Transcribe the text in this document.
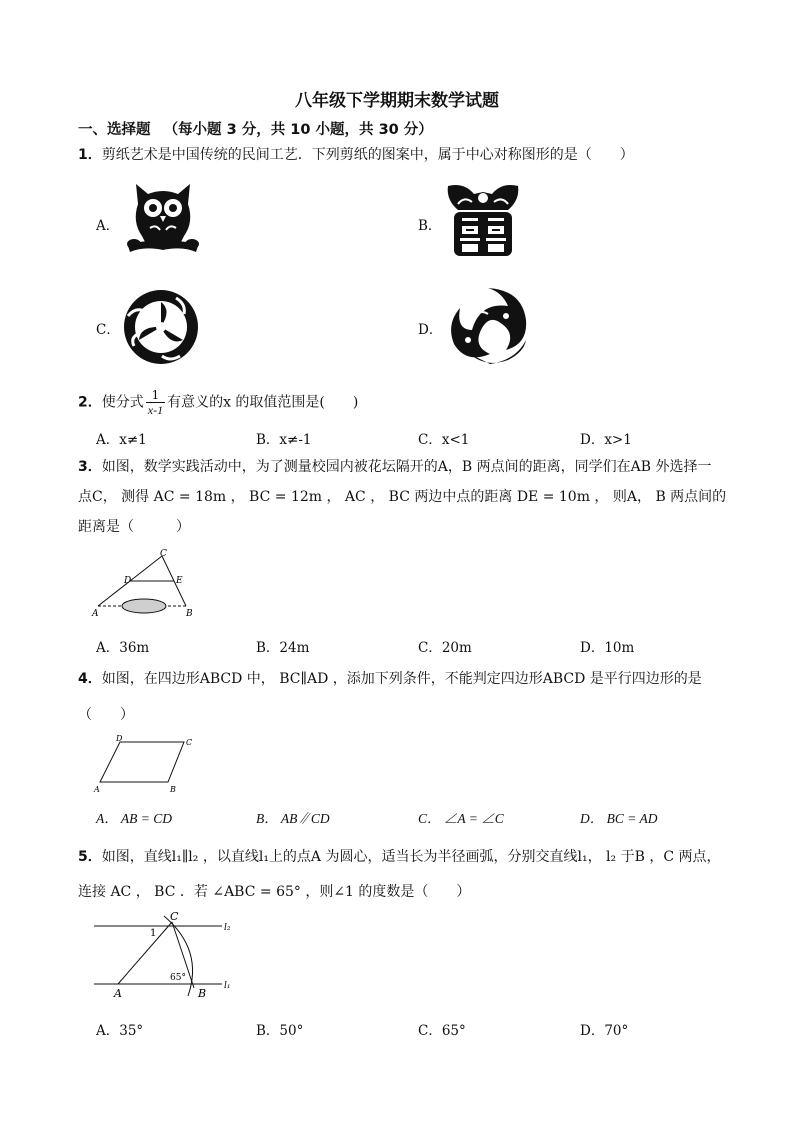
八年级下学期期末数学试题
一、选择题 （每小题 3 分，共 10 小题，共 30 分）
1．剪纸艺术是中国传统的民间工艺．下列剪纸的图案中，属于中心对称图形的是（　　）
A．	B．
C．	D．
2．使分式 $\frac{1}{x-1}$ 有意义的x 的取值范围是(　　)
A．x≠1	B．x≠-1	C．x<1	D．x>1
3．如图，数学实践活动中，为了测量校园内被花坛隔开的A，B 两点间的距离，同学们在AB 外选择一
点C， 测得 AC = 18m ， BC = 12m ， AC ， BC 两边中点的距离 DE = 10m ， 则A， B 两点间的
距离是（　　　）
C
D	E
A	B
A．36m	B．24m	C．20m	D．10m
4．如图，在四边形ABCD 中， BC∥AD ，添加下列条件，不能判定四边形ABCD 是平行四边形的是
（　　）
D	C
A	B
A． AB = CD	B． AB∥CD	C． ∠A = ∠C	D． BC = AD
5．如图，直线l₁∥l₂ ，以直线l₁上的点A 为圆心，适当长为半径画弧，分别交直线l₁， l₂ 于B ，C 两点，
连接 AC ， BC ．若 ∠ABC = 65° ，则∠1 的度数是（　　）
C
l₂
1
65°
A	B
l₁
A．35°	B．50°	C．65°	D．70°
